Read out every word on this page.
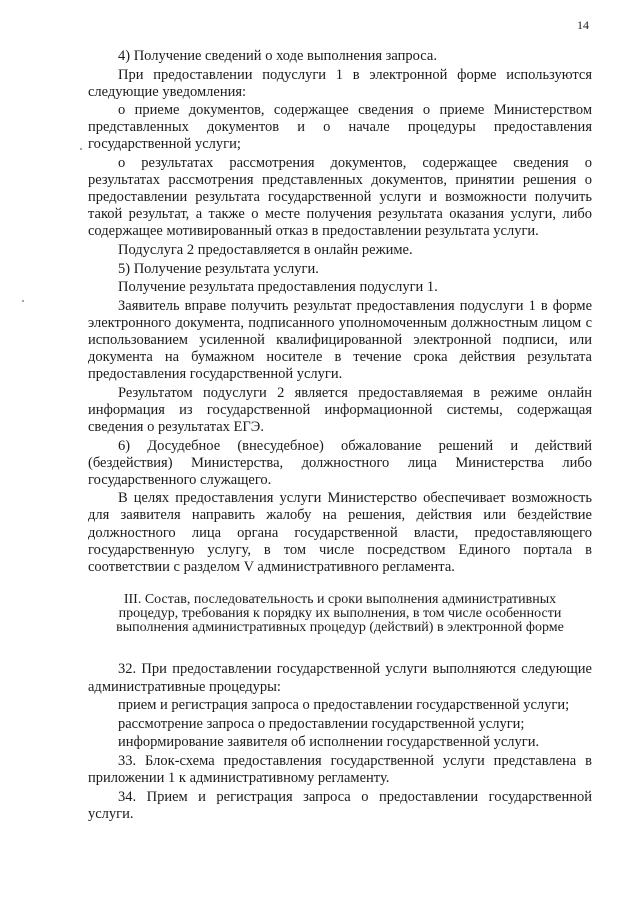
14

4) Получение сведений о ходе выполнения запроса.

При предоставлении подуслуги 1 в электронной форме используются следующие уведомления:

о приеме документов, содержащее сведения о приеме Министерством представленных документов и о начале процедуры предоставления государственной услуги;

о результатах рассмотрения документов, содержащее сведения о результатах рассмотрения представленных документов, принятии решения о предоставлении результата государственной услуги и возможности получить такой результат, а также о месте получения результата оказания услуги, либо содержащее мотивированный отказ в предоставлении результата услуги.

Подуслуга 2 предоставляется в онлайн режиме.

5) Получение результата услуги.

Получение результата предоставления подуслуги 1.

Заявитель вправе получить результат предоставления подуслуги 1 в форме электронного документа, подписанного уполномоченным должностным лицом с использованием усиленной квалифицированной электронной подписи, или документа на бумажном носителе в течение срока действия результата предоставления государственной услуги.

Результатом подуслуги 2 является предоставляемая в режиме онлайн информация из государственной информационной системы, содержащая сведения о результатах ЕГЭ.

6) Досудебное (внесудебное) обжалование решений и действий (бездействия) Министерства, должностного лица Министерства либо государственного служащего.

В целях предоставления услуги Министерство обеспечивает возможность для заявителя направить жалобу на решения, действия или бездействие должностного лица органа государственной власти, предоставляющего государственную услугу, в том числе посредством Единого портала в соответствии с разделом V административного регламента.

III. Состав, последовательность и сроки выполнения административных процедур, требования к порядку их выполнения, в том числе особенности выполнения административных процедур (действий) в электронной форме

32. При предоставлении государственной услуги выполняются следующие административные процедуры:

прием и регистрация запроса о предоставлении государственной услуги;

рассмотрение запроса о предоставлении государственной услуги;

информирование заявителя об исполнении государственной услуги.

33. Блок-схема предоставления государственной услуги представлена в приложении 1 к административному регламенту.

34. Прием и регистрация запроса о предоставлении государственной услуги.
